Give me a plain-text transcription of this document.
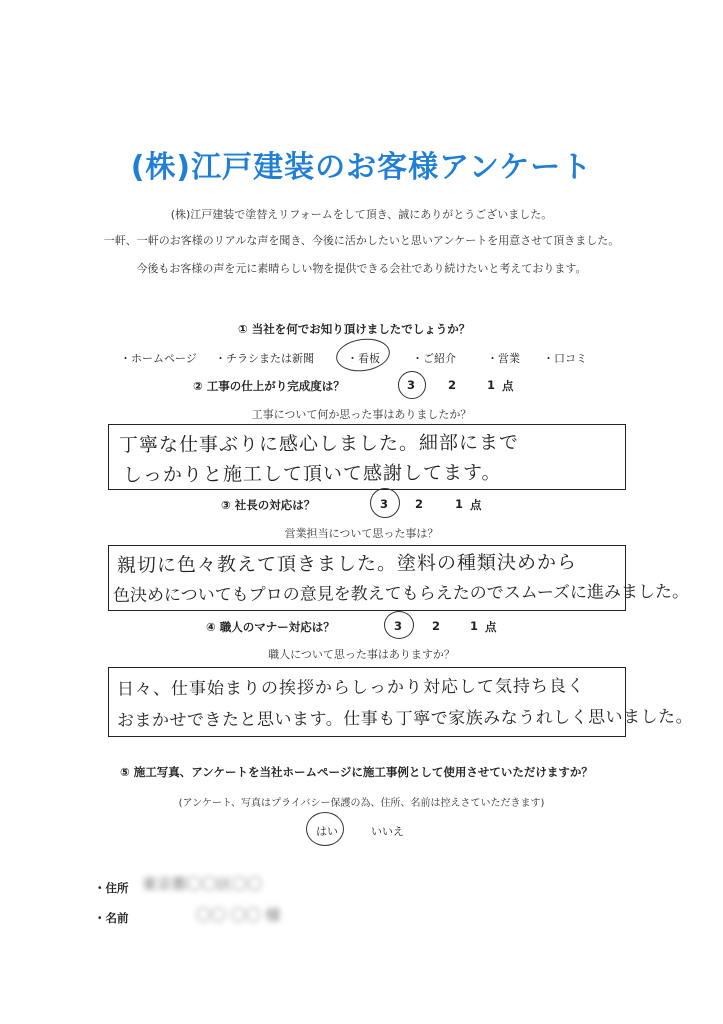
(株)江戸建装のお客様アンケート
(株)江戸建装で塗替えリフォームをして頂き、誠にありがとうございました。
一軒、一軒のお客様のリアルな声を聞き、今後に活かしたいと思いアンケートを用意させて頂きました。
今後もお客様の声を元に素晴らしい物を提供できる会社であり続けたいと考えております。
① 当社を何でお知り頂けましたでしょうか？
・ホームページ ・チラシまたは新聞	・看板	・ご紹介	・営業 ・口コミ
② 工事の仕上がり完成度は？	3	2	1 点
工事について何か思った事はありましたか？
丁寧な仕事ぶりに感心しました。細部にまで
しっかりと施工して頂いて感謝してます。
③ 社長の対応は？	3 2	1 点
営業担当について思った事は？
親切に色々教えて頂きました。塗料の種類決めから
色決めについてもプロの意見を教えてもらえたのでスムーズに進みました。
④ 職人のマナー対応は？	3	2	1 点
職人について思った事はありますか？
日々、仕事始まりの挨拶からしっかり対応して気持ち良く
おまかせできたと思います。仕事も丁寧で家族みなうれしく思いました。
⑤ 施工写真、アンケートを当社ホームページに施工事例として使用させていただけますか？
(アンケート、写真はプライバシー保護の為、住所、名前は控えさていただきます)
はい	いいえ
・住所 東京都〇〇区〇〇
・名前	〇〇 〇〇 様
